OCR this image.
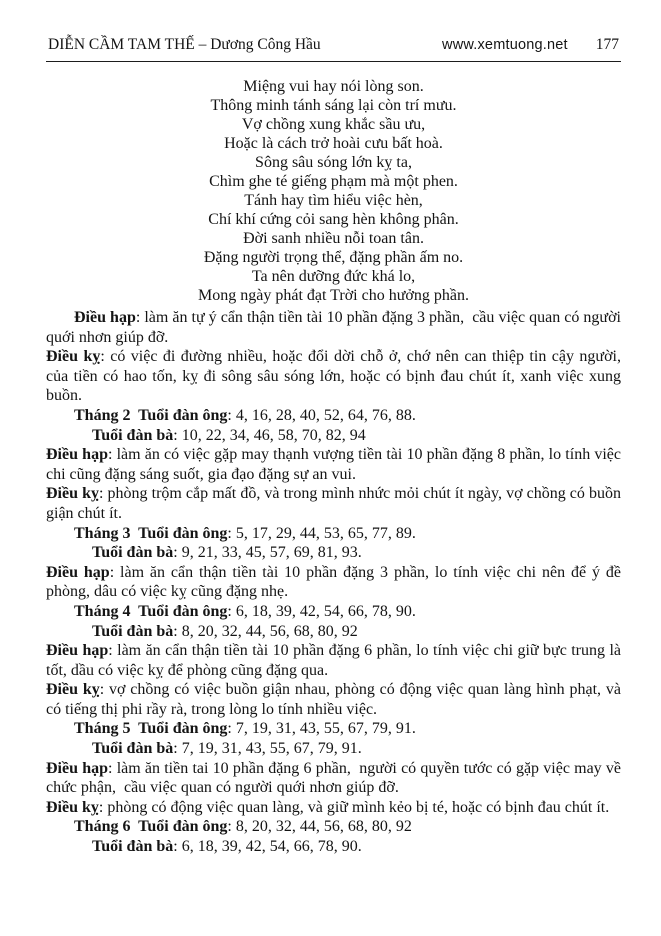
DIỄN CẦM TAM THẾ – Dương Công Hầu	www.xemtuong.net 177
Miệng vui hay nói lòng son.
Thông minh tánh sáng lại còn trí mưu.
Vợ chồng xung khắc sầu ưu,
Hoặc là cách trở hoài cưu bất hoà.
Sông sâu sóng lớn kỵ ta,
Chìm ghe té giếng phạm mà một phen.
Tánh hay tìm hiểu việc hèn,
Chí khí cứng cỏi sang hèn không phân.
Đời sanh nhiều nỗi toan tân.
Đặng người trọng thể, đặng phần ấm no.
Ta nên dưỡng đức khá lo,
Mong ngày phát đạt Trời cho hưởng phần.

Điều hạp: làm ăn tự ý cẩn thận tiền tài 10 phần đặng 3 phần,  cầu việc quan có người quới nhơn giúp đỡ.

Điều kỵ: có việc đi đường nhiều, hoặc đổi dời chỗ ở, chớ nên can thiệp tin cậy người, của tiền có hao tốn, kỵ đi sông sâu sóng lớn, hoặc có bịnh đau chút ít, xanh việc xung buồn.

Tháng 2  Tuổi đàn ông: 4, 16, 28, 40, 52, 64, 76, 88.

Tuổi đàn bà: 10, 22, 34, 46, 58, 70, 82, 94

Điều hạp: làm ăn có việc gặp may thạnh vượng tiền tài 10 phần đặng 8 phần, lo tính việc chi cũng đặng sáng suốt, gia đạo đặng sự an vui.

Điều kỵ: phòng trộm cắp mất đồ, và trong mình nhức mỏi chút ít ngày, vợ chồng có buồn giận chút ít.

Tháng 3  Tuổi đàn ông: 5, 17, 29, 44, 53, 65, 77, 89.

Tuổi đàn bà: 9, 21, 33, 45, 57, 69, 81, 93.

Điều hạp: làm ăn cẩn thận tiền tài 10 phần đặng 3 phần, lo tính việc chi nên để ý đề phòng, dâu có việc kỵ cũng đặng nhẹ.

Tháng 4  Tuổi đàn ông: 6, 18, 39, 42, 54, 66, 78, 90.

Tuổi đàn bà: 8, 20, 32, 44, 56, 68, 80, 92

Điều hạp: làm ăn cẩn thận tiền tài 10 phần đặng 6 phần, lo tính việc chi giữ bực trung là tốt, dầu có việc kỵ để phòng cũng đặng qua.

Điều kỵ: vợ chồng có việc buồn giận nhau, phòng có động việc quan làng hình phạt, và có tiếng thị phi rầy rà, trong lòng lo tính nhiều việc.

Tháng 5  Tuổi đàn ông: 7, 19, 31, 43, 55, 67, 79, 91.

Tuổi đàn bà: 7, 19, 31, 43, 55, 67, 79, 91.

Điều hạp: làm ăn tiền tai 10 phần đặng 6 phần,  người có quyền tước có gặp việc may về chức phận,  cầu việc quan có người quới nhơn giúp đỡ.

Điều kỵ: phòng có động việc quan làng, và giữ mình kẻo bị té, hoặc có bịnh đau chút ít.

Tháng 6  Tuổi đàn ông: 8, 20, 32, 44, 56, 68, 80, 92

Tuổi đàn bà: 6, 18, 39, 42, 54, 66, 78, 90.
